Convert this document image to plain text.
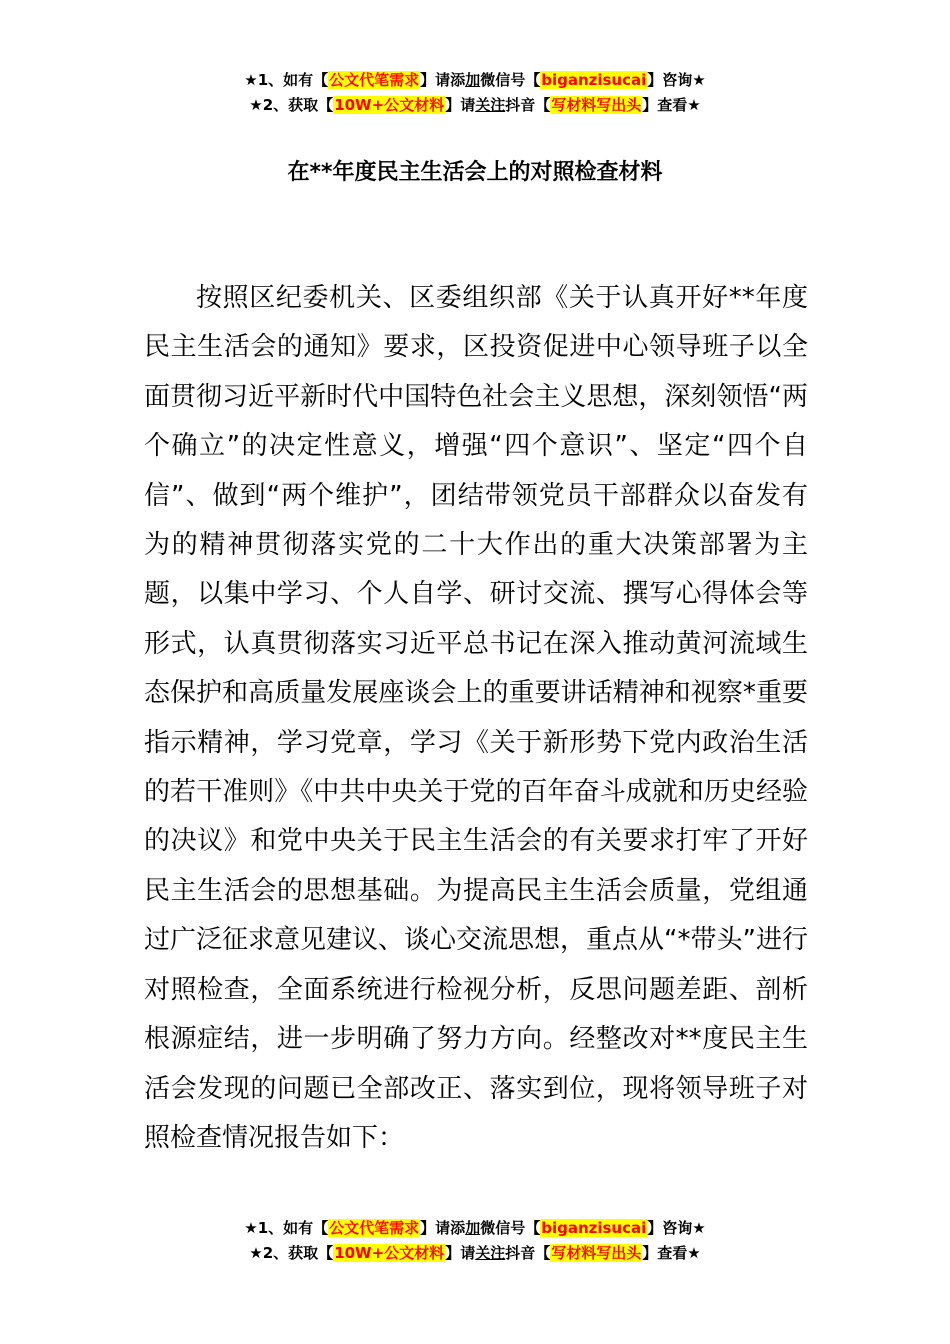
★1、如有【公文代笔需求】请添加微信号【biganzisucai】咨询★
★2、获取【10W+公文材料】请关注抖音【写材料写出头】查看★
在**年度民主生活会上的对照检查材料

按照区纪委机关、区委组织部《关于认真开好**年度民主生活会的通知》要求，区投资促进中心领导班子以全面贯彻习近平新时代中国特色社会主义思想，深刻领悟“两个确立”的决定性意义，增强“四个意识”、坚定“四个自信”、做到“两个维护”，团结带领党员干部群众以奋发有为的精神贯彻落实党的二十大作出的重大决策部署为主题，以集中学习、个人自学、研讨交流、撰写心得体会等形式，认真贯彻落实习近平总书记在深入推动黄河流域生态保护和高质量发展座谈会上的重要讲话精神和视察*重要指示精神，学习党章，学习《关于新形势下党内政治生活的若干准则》《中共中央关于党的百年奋斗成就和历史经验的决议》和党中央关于民主生活会的有关要求打牢了开好民主生活会的思想基础。为提高民主生活会质量，党组通过广泛征求意见建议、谈心交流思想，重点从“*带头”进行对照检查，全面系统进行检视分析，反思问题差距、剖析根源症结，进一步明确了努力方向。经整改对**度民主生活会发现的问题已全部改正、落实到位，现将领导班子对照检查情况报告如下：

★1、如有【公文代笔需求】请添加微信号【biganzisucai】咨询★
★2、获取【10W+公文材料】请关注抖音【写材料写出头】查看★
